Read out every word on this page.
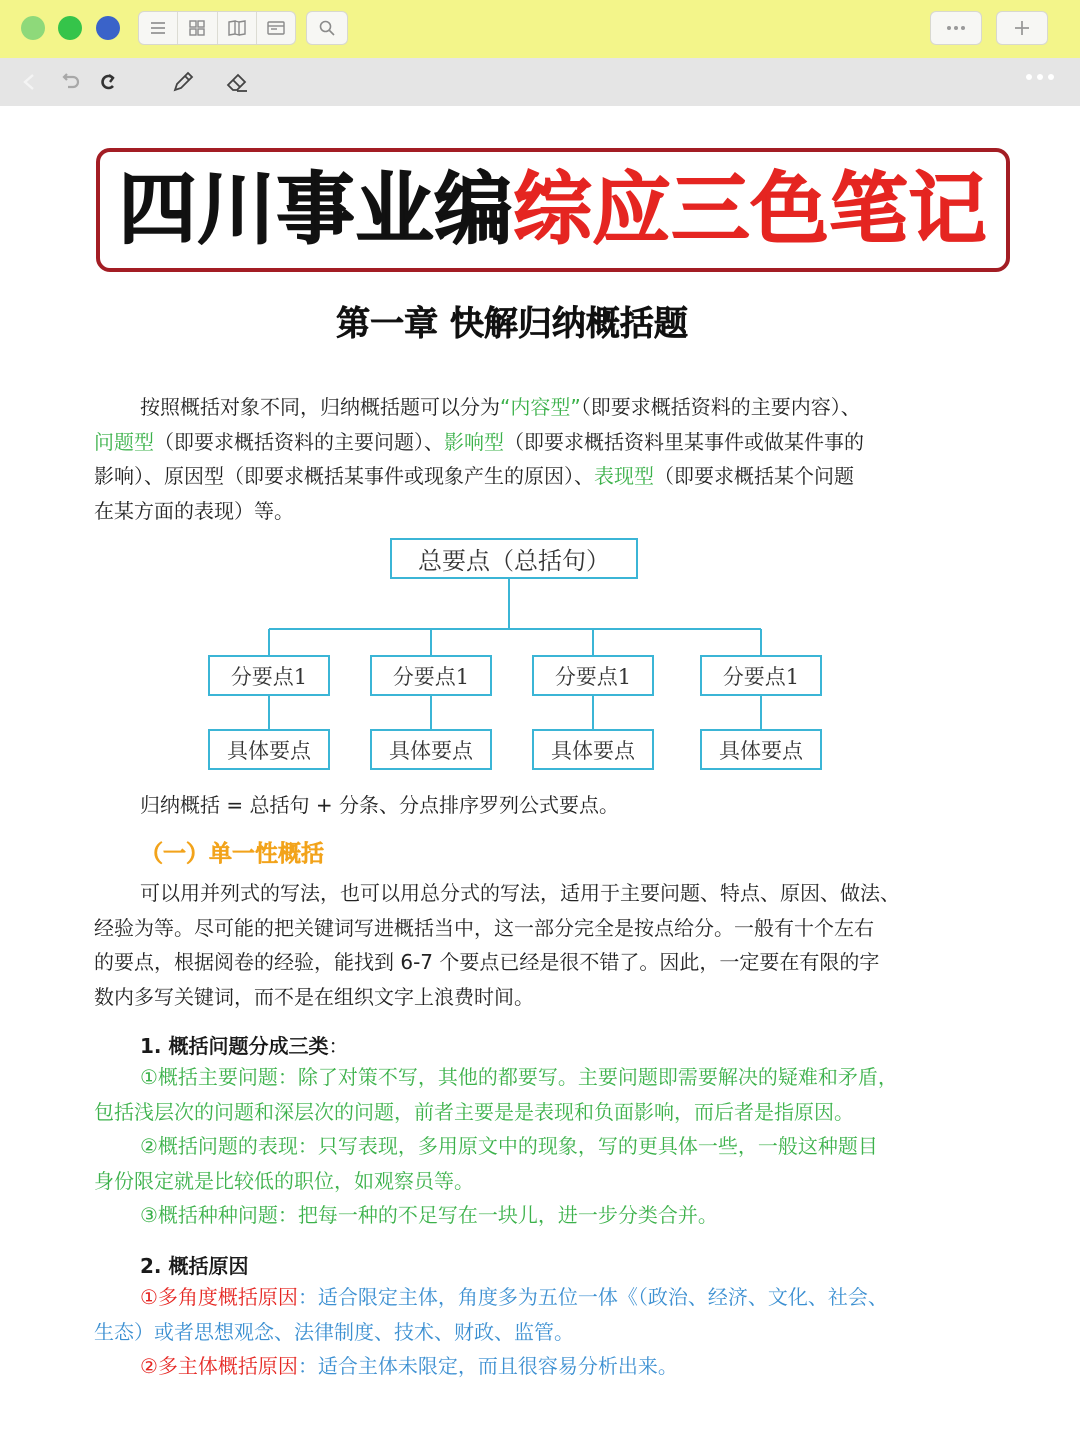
四川事业编综应三色笔记
第一章 快解归纳概括题
按照概括对象不同，归纳概括题可以分为“内容型”（即要求概括资料的主要内容）、
问题型（即要求概括资料的主要问题）、影响型（即要求概括资料里某事件或做某件事的
影响）、原因型（即要求概括某事件或现象产生的原因）、表现型（即要求概括某个问题
在某方面的表现）等。
总要点（总括句）
分要点1	分要点1	分要点1	分要点1
具体要点	具体要点	具体要点	具体要点
归纳概括 = 总括句 + 分条、分点排序罗列公式要点。
（一）单一性概括
可以用并列式的写法，也可以用总分式的写法，适用于主要问题、特点、原因、做法、
经验为等。尽可能的把关键词写进概括当中，这一部分完全是按点给分。一般有十个左右
的要点，根据阅卷的经验，能找到 6-7 个要点已经是很不错了。因此，一定要在有限的字
数内多写关键词，而不是在组织文字上浪费时间。
1. 概括问题分成三类：
①概括主要问题：除了对策不写，其他的都要写。主要问题即需要解决的疑难和矛盾，
包括浅层次的问题和深层次的问题，前者主要是是表现和负面影响，而后者是指原因。
②概括问题的表现：只写表现，多用原文中的现象，写的更具体一些，一般这种题目
身份限定就是比较低的职位，如观察员等。
③概括种种问题：把每一种的不足写在一块儿，进一步分类合并。
2. 概括原因
①多角度概括原因：适合限定主体，角度多为五位一体《（政治、经济、文化、社会、
生态）或者思想观念、法律制度、技术、财政、监管。
②多主体概括原因：适合主体未限定，而且很容易分析出来。
